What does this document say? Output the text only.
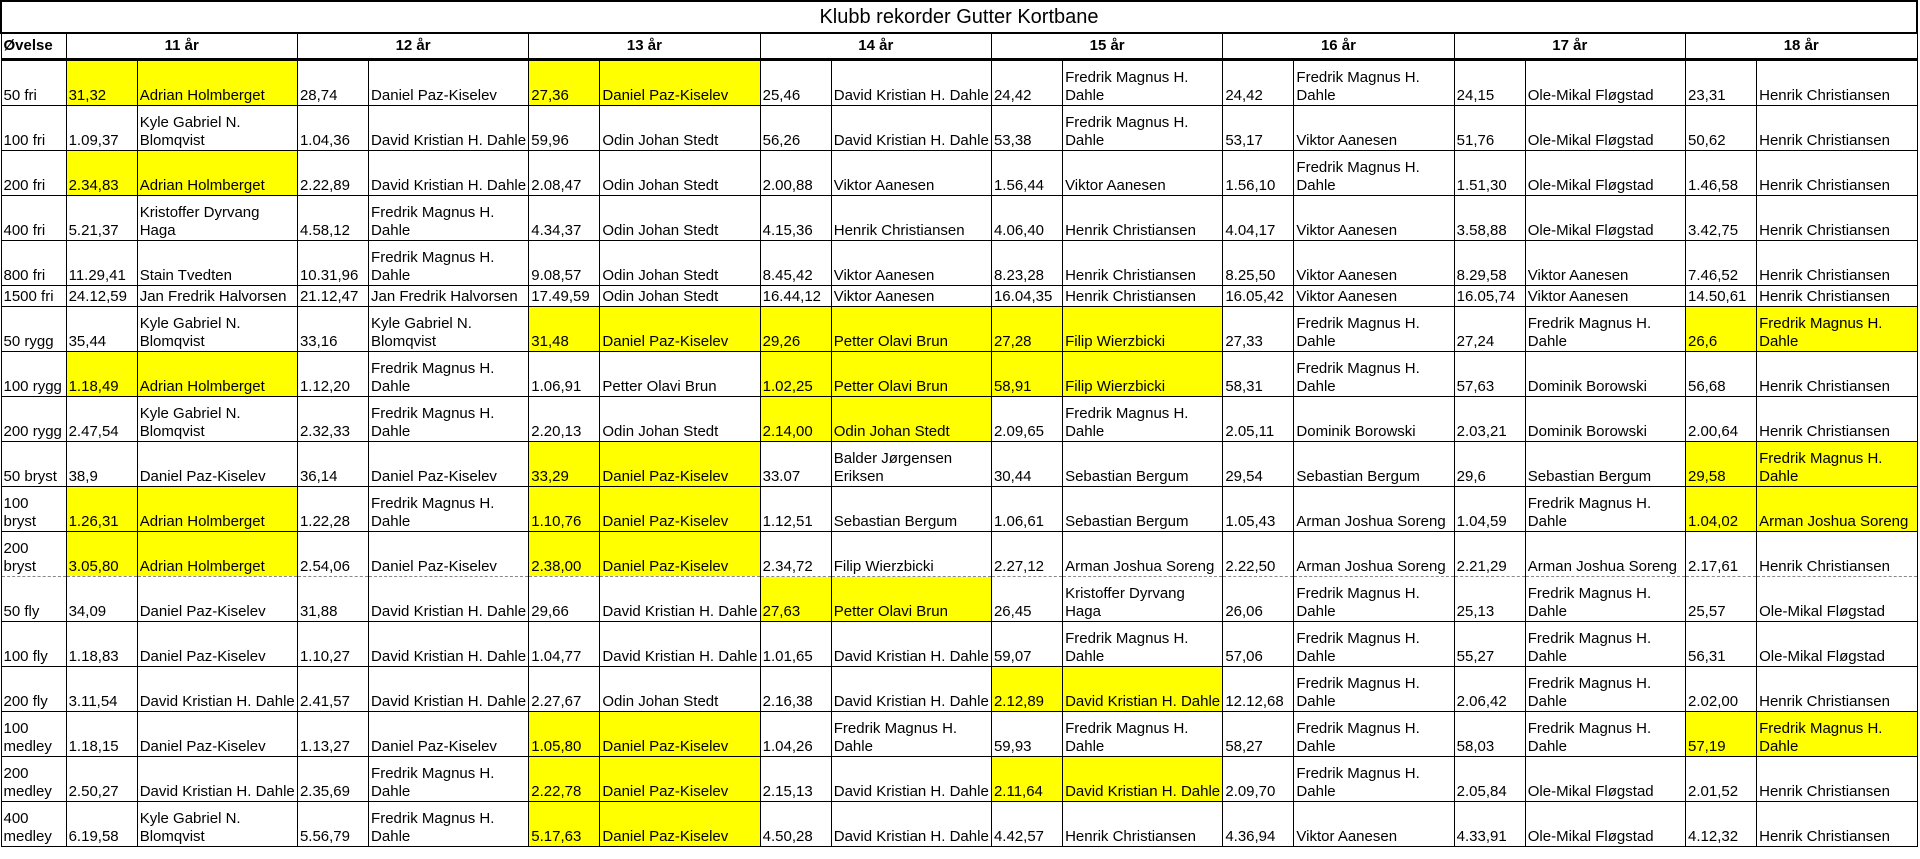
Klubb rekorder Gutter Kortbane																
Øvelse	11 år		12 år		13 år		14 år		15 år		16 år		17 år		18 år	
50 fri	31,32	Adrian Holmberget	28,74	Daniel Paz-Kiselev	27,36	Daniel Paz-Kiselev	25,46	David Kristian H. Dahle	24,42	Fredrik Magnus H. Dahle	24,42	Fredrik Magnus H. Dahle	24,15	Ole-Mikal Fløgstad	23,31	Henrik Christiansen
100 fri	1.09,37	Kyle Gabriel N. Blomqvist	1.04,36	David Kristian H. Dahle	59,96	Odin Johan Stedt	56,26	David Kristian H. Dahle	53,38	Fredrik Magnus H. Dahle	53,17	Viktor Aanesen	51,76	Ole-Mikal Fløgstad	50,62	Henrik Christiansen
200 fri	2.34,83	Adrian Holmberget	2.22,89	David Kristian H. Dahle	2.08,47	Odin Johan Stedt	2.00,88	Viktor Aanesen	1.56,44	Viktor Aanesen	1.56,10	Fredrik Magnus H. Dahle	1.51,30	Ole-Mikal Fløgstad	1.46,58	Henrik Christiansen
400 fri	5.21,37	Kristoffer Dyrvang Haga	4.58,12	Fredrik Magnus H. Dahle	4.34,37	Odin Johan Stedt	4.15,36	Henrik Christiansen	4.06,40	Henrik Christiansen	4.04,17	Viktor Aanesen	3.58,88	Ole-Mikal Fløgstad	3.42,75	Henrik Christiansen
800 fri	11.29,41	Stain Tvedten	10.31,96	Fredrik Magnus H. Dahle	9.08,57	Odin Johan Stedt	8.45,42	Viktor Aanesen	8.23,28	Henrik Christiansen	8.25,50	Viktor Aanesen	8.29,58	Viktor Aanesen	7.46,52	Henrik Christiansen
1500 fri	24.12,59	Jan Fredrik Halvorsen	21.12,47	Jan Fredrik Halvorsen	17.49,59	Odin Johan Stedt	16.44,12	Viktor Aanesen	16.04,35	Henrik Christiansen	16.05,42	Viktor Aanesen	16.05,74	Viktor Aanesen	14.50,61	Henrik Christiansen
50 rygg	35,44	Kyle Gabriel N. Blomqvist	33,16	Kyle Gabriel N. Blomqvist	31,48	Daniel Paz-Kiselev	29,26	Petter Olavi Brun	27,28	Filip Wierzbicki	27,33	Fredrik Magnus H. Dahle	27,24	Fredrik Magnus H. Dahle	26,6	Fredrik Magnus H. Dahle
100 rygg	1.18,49	Adrian Holmberget	1.12,20	Fredrik Magnus H. Dahle	1.06,91	Petter Olavi Brun	1.02,25	Petter Olavi Brun	58,91	Filip Wierzbicki	58,31	Fredrik Magnus H. Dahle	57,63	Dominik Borowski	56,68	Henrik Christiansen
200 rygg	2.47,54	Kyle Gabriel N. Blomqvist	2.32,33	Fredrik Magnus H. Dahle	2.20,13	Odin Johan Stedt	2.14,00	Odin Johan Stedt	2.09,65	Fredrik Magnus H. Dahle	2.05,11	Dominik Borowski	2.03,21	Dominik Borowski	2.00,64	Henrik Christiansen
50 bryst	38,9	Daniel Paz-Kiselev	36,14	Daniel Paz-Kiselev	33,29	Daniel Paz-Kiselev	33.07	Balder Jørgensen Eriksen	30,44	Sebastian Bergum	29,54	Sebastian Bergum	29,6	Sebastian Bergum	29,58	Fredrik Magnus H. Dahle
100 bryst	1.26,31	Adrian Holmberget	1.22,28	Fredrik Magnus H. Dahle	1.10,76	Daniel Paz-Kiselev	1.12,51	Sebastian Bergum	1.06,61	Sebastian Bergum	1.05,43	Arman Joshua Soreng	1.04,59	Fredrik Magnus H. Dahle	1.04,02	Arman Joshua Soreng
200 bryst	3.05,80	Adrian Holmberget	2.54,06	Daniel Paz-Kiselev	2.38,00	Daniel Paz-Kiselev	2.34,72	Filip Wierzbicki	2.27,12	Arman Joshua Soreng	2.22,50	Arman Joshua Soreng	2.21,29	Arman Joshua Soreng	2.17,61	Henrik Christiansen
50 fly	34,09	Daniel Paz-Kiselev	31,88	David Kristian H. Dahle	29,66	David Kristian H. Dahle	27,63	Petter Olavi Brun	26,45	Kristoffer Dyrvang Haga	26,06	Fredrik Magnus H. Dahle	25,13	Fredrik Magnus H. Dahle	25,57	Ole-Mikal Fløgstad
100 fly	1.18,83	Daniel Paz-Kiselev	1.10,27	David Kristian H. Dahle	1.04,77	David Kristian H. Dahle	1.01,65	David Kristian H. Dahle	59,07	Fredrik Magnus H. Dahle	57,06	Fredrik Magnus H. Dahle	55,27	Fredrik Magnus H. Dahle	56,31	Ole-Mikal Fløgstad
200 fly	3.11,54	David Kristian H. Dahle	2.41,57	David Kristian H. Dahle	2.27,67	Odin Johan Stedt	2.16,38	David Kristian H. Dahle	2.12,89	David Kristian H. Dahle	12.12,68	Fredrik Magnus H. Dahle	2.06,42	Fredrik Magnus H. Dahle	2.02,00	Henrik Christiansen
100 medley	1.18,15	Daniel Paz-Kiselev	1.13,27	Daniel Paz-Kiselev	1.05,80	Daniel Paz-Kiselev	1.04,26	Fredrik Magnus H. Dahle	59,93	Fredrik Magnus H. Dahle	58,27	Fredrik Magnus H. Dahle	58,03	Fredrik Magnus H. Dahle	57,19	Fredrik Magnus H. Dahle
200 medley	2.50,27	David Kristian H. Dahle	2.35,69	Fredrik Magnus H. Dahle	2.22,78	Daniel Paz-Kiselev	2.15,13	David Kristian H. Dahle	2.11,64	David Kristian H. Dahle	2.09,70	Fredrik Magnus H. Dahle	2.05,84	Ole-Mikal Fløgstad	2.01,52	Henrik Christiansen
400 medley	6.19,58	Kyle Gabriel N. Blomqvist	5.56,79	Fredrik Magnus H. Dahle	5.17,63	Daniel Paz-Kiselev	4.50,28	David Kristian H. Dahle	4.42,57	Henrik Christiansen	4.36,94	Viktor Aanesen	4.33,91	Ole-Mikal Fløgstad	4.12,32	Henrik Christiansen
